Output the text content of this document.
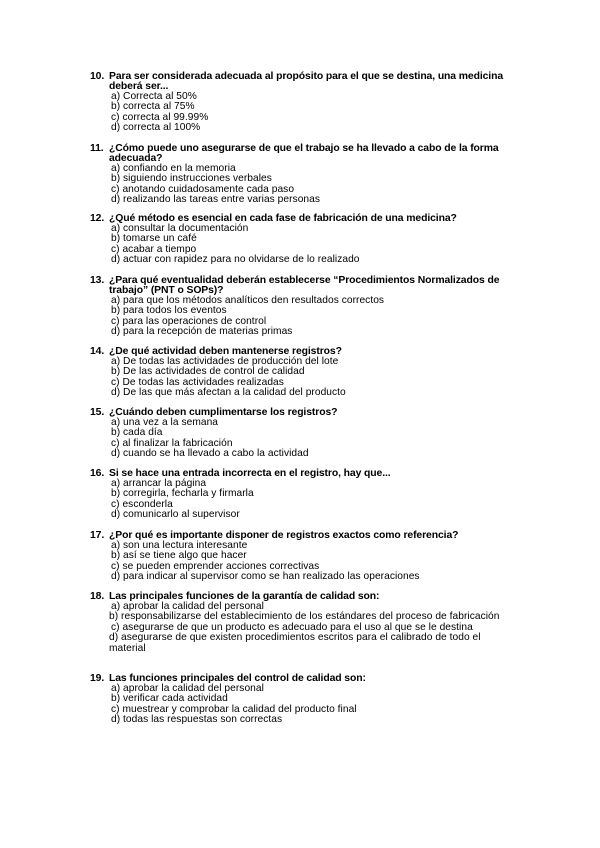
10. Para ser considerada adecuada al propósito para el que se destina, una medicina deberá ser...
a) Correcta al 50%
b) correcta al 75%
c) correcta al 99.99%
d) correcta al 100%
11. ¿Cómo puede uno asegurarse de que el trabajo se ha llevado a cabo de la forma adecuada?
a) confiando en la memoria
b) siguiendo instrucciones verbales
c) anotando cuidadosamente cada paso
d) realizando las tareas entre varias personas
12. ¿Qué método es esencial en cada fase de fabricación de una medicina?
a) consultar la documentación
b) tomarse un café
c) acabar a tiempo
d) actuar con rapidez para no olvidarse de lo realizado
13. ¿Para qué eventualidad deberán establecerse “Procedimientos Normalizados de trabajo” (PNT o SOPs)?
a) para que los métodos analíticos den resultados correctos
b) para todos los eventos
c) para las operaciones de control
d) para la recepción de materias primas
14. ¿De qué actividad deben mantenerse registros?
a) De todas las actividades de producción del lote
b) De las actividades de control de calidad
c) De todas las actividades realizadas
d) De las que más afectan a la calidad del producto
15. ¿Cuándo deben cumplimentarse los registros?
a) una vez a la semana
b) cada día
c) al finalizar la fabricación
d) cuando se ha llevado a cabo la actividad
16. Si se hace una entrada incorrecta en el registro, hay que...
a) arrancar la página
b) corregirla, fecharla y firmarla
c) esconderla
d) comunicarlo al supervisor
17. ¿Por qué es importante disponer de registros exactos como referencia?
a) son una lectura interesante
b) así se tiene algo que hacer
c) se pueden emprender acciones correctivas
d) para indicar al supervisor como se han realizado las operaciones
18. Las principales funciones de la garantía de calidad son:
a) aprobar la calidad del personal
b) responsabilizarse del establecimiento de los estándares del proceso de fabricación
c) asegurarse de que un producto es adecuado para el uso al que se le destina
d) asegurarse de que existen procedimientos escritos para el calibrado de todo el material
19. Las funciones principales del control de calidad son:
a) aprobar la calidad del personal
b) verificar cada actividad
c) muestrear y comprobar la calidad del producto final
d) todas las respuestas son correctas
